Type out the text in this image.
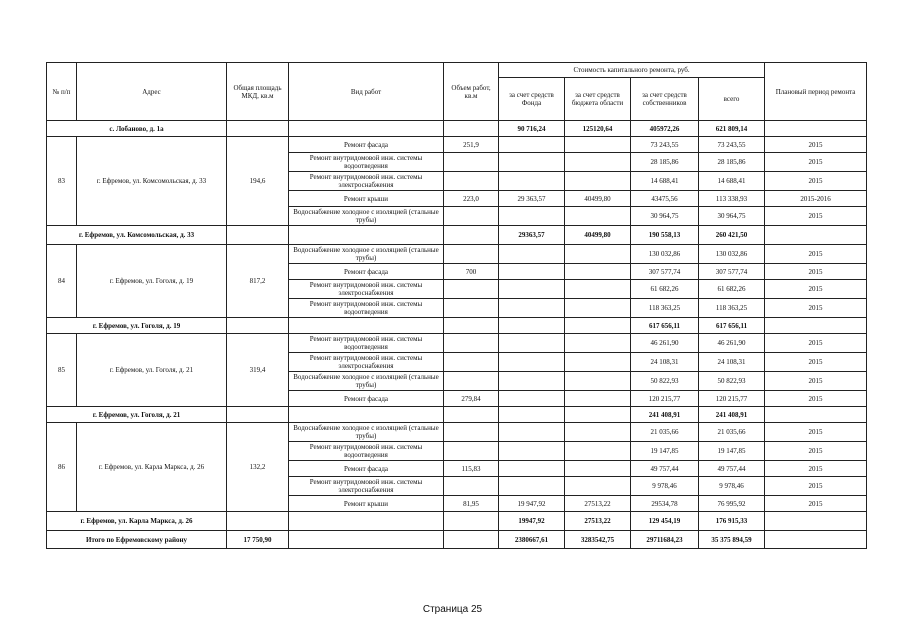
№ п/п	Адрес	Общая площадь МКД, кв.м	Вид работ	Объем работ, кв.м	Стоимость капитального ремонта, руб.				Плановый период ремонта
					за счет средств Фонда	за счет средств бюджета области	за счет средств собственников	всего	
с. Лобаново, д. 1а					90 716,24	125120,64	405972,26	621 809,14	
83	г. Ефремов, ул. Комсомольская, д. 33	194,6	Ремонт фасада	251,9			73 243,55	73 243,55	2015
			Ремонт внутридомовой инж. системы водоотведения				28 185,86	28 185,86	2015
			Ремонт внутридомовой инж. системы электроснабжения				14 688,41	14 688,41	2015
			Ремонт крыши	223,0	29 363,57	40499,80	43475,56	113 338,93	2015-2016
			Водоснабжение холодное с изоляцией (стальные трубы)				30 964,75	30 964,75	2015
г. Ефремов, ул. Комсомольская, д. 33					29363,57	40499,80	190 558,13	260 421,50	
84	г. Ефремов, ул. Гоголя, д. 19	817,2	Водоснабжение холодное с изоляцией (стальные трубы)				130 032,86	130 032,86	2015
			Ремонт фасада	700			307 577,74	307 577,74	2015
			Ремонт внутридомовой инж. системы электроснабжения				61 682,26	61 682,26	2015
			Ремонт внутридомовой инж. системы водоотведения				118 363,25	118 363,25	2015
г. Ефремов, ул. Гоголя, д. 19							617 656,11	617 656,11	
85	г. Ефремов, ул. Гоголя, д. 21	319,4	Ремонт внутридомовой инж. системы водоотведения				46 261,90	46 261,90	2015
			Ремонт внутридомовой инж. системы электроснабжения				24 108,31	24 108,31	2015
			Водоснабжение холодное с изоляцией (стальные трубы)				50 822,93	50 822,93	2015
			Ремонт фасада	279,84			120 215,77	120 215,77	2015
г. Ефремов, ул. Гоголя, д. 21							241 408,91	241 408,91	
86	г. Ефремов, ул. Карла Маркса, д. 26	132,2	Водоснабжение холодное с изоляцией (стальные трубы)				21 035,66	21 035,66	2015
			Ремонт внутридомовой инж. системы водоотведения				19 147,85	19 147,85	2015
			Ремонт фасада	115,83			49 757,44	49 757,44	2015
			Ремонт внутридомовой инж. системы электроснабжения				9 978,46	9 978,46	2015
			Ремонт крыши	81,95	19 947,92	27513,22	29534,78	76 995,92	2015
г. Ефремов, ул. Карла Маркса, д. 26					19947,92	27513,22	129 454,19	176 915,33	
Итого по Ефремовскому району		17 750,90			2380667,61	3283542,75	29711684,23	35 375 894,59	
Страница 25
